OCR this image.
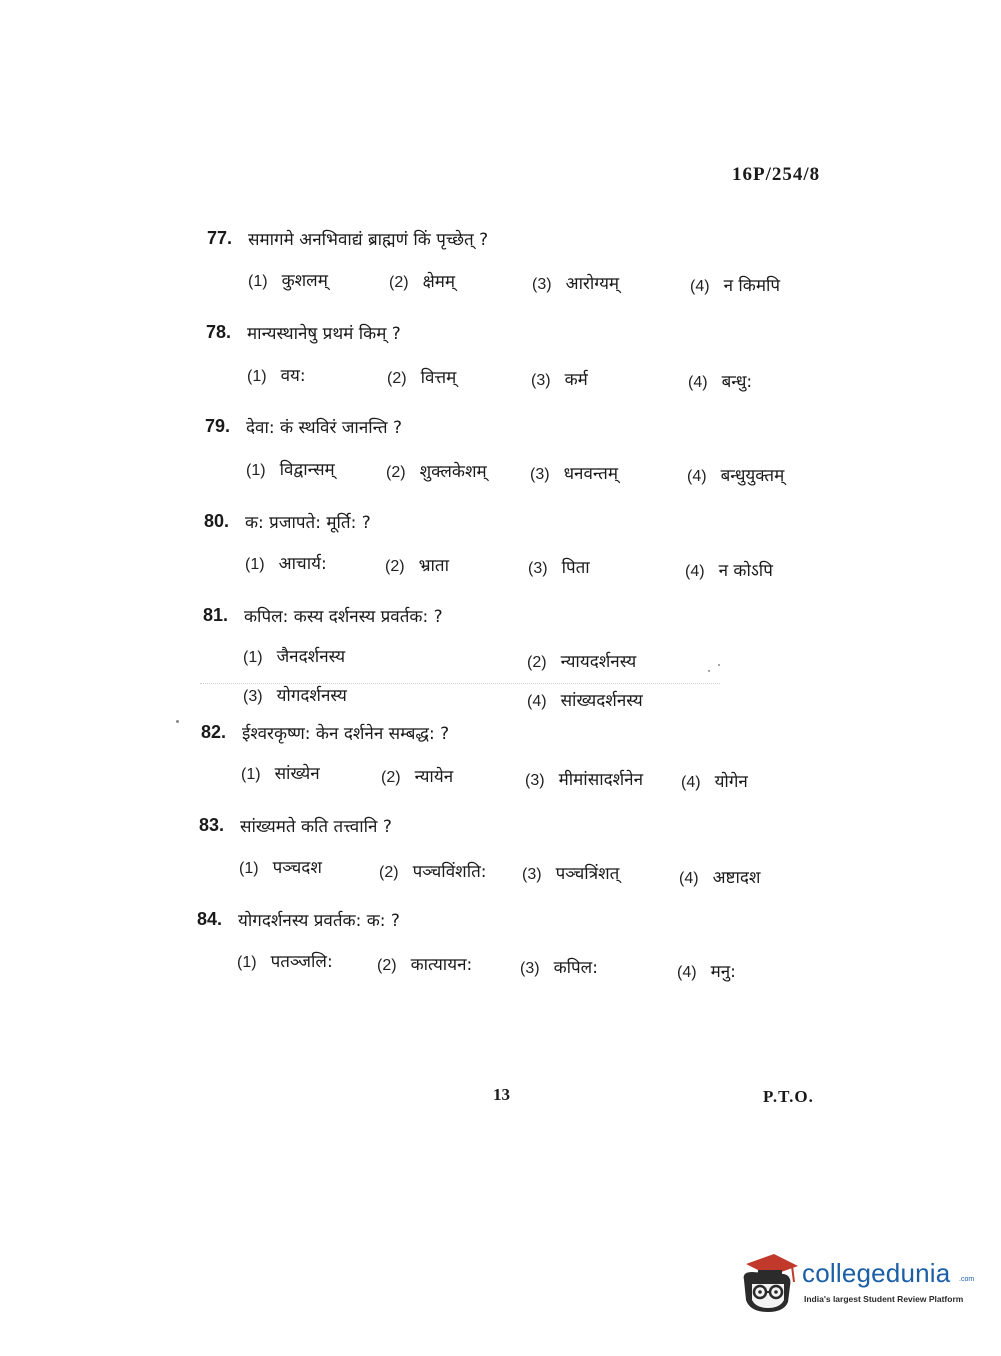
16P/254/8
77. समागमे अनभिवाद्यं ब्राह्मणं किं पृच्छेत् ?
(1) कुशलम्	(2) क्षेमम्	(3) आरोग्यम्	(4) न किमपि
78. मान्यस्थानेषु प्रथमं किम् ?
(1) वय:	(2) वित्तम्	(3) कर्म	(4) बन्धु:
79. देवा: कं स्थविरं जानन्ति ?
(1) विद्वान्सम्	(2) शुक्लकेशम्	(3) धनवन्तम्	(4) बन्धुयुक्तम्
80. क: प्रजापते: मूर्ति: ?
(1) आचार्य:	(2) भ्राता	(3) पिता	(4) न कोऽपि
81. कपिल: कस्य दर्शनस्य प्रवर्तक: ?
(1) जैनदर्शनस्य	(2) न्यायदर्शनस्य
(3) योगदर्शनस्य	(4) सांख्यदर्शनस्य
82. ईश्वरकृष्ण: केन दर्शनेन सम्बद्ध: ?
(1) सांख्येन	(2) न्यायेन	(3) मीमांसादर्शनेन (4) योगेन
83. सांख्यमते कति तत्त्वानि ?
(1) पञ्चदश	(2) पञ्चविंशति: (3) पञ्चत्रिंशत्	(4) अष्टादश
84. योगदर्शनस्य प्रवर्तक: क: ?
(1) पतञ्जलि:	(2) कात्यायन:	(3) कपिल:	(4) मनु:
13	P.T.O.
collegedunia .com
India's largest Student Review Platform
